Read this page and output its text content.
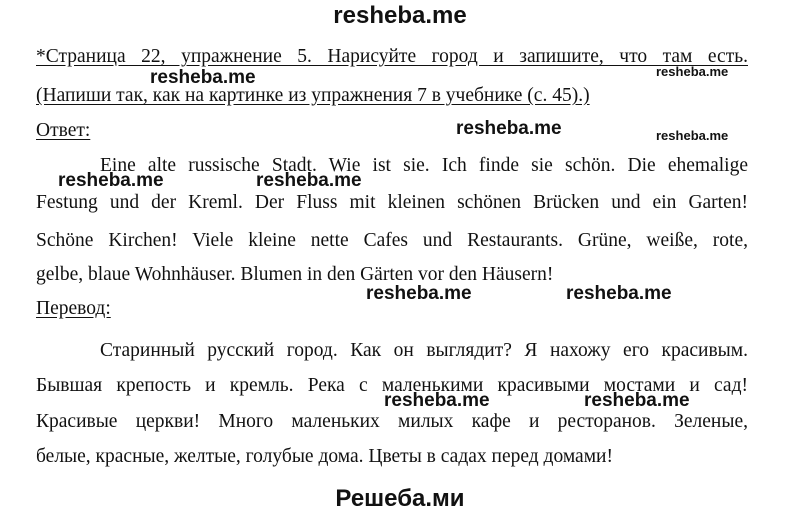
resheba.me
*Страница 22, упражнение 5. Нарисуйте город и запишите, что там есть.
(Напиши так, как на картинке из упражнения 7 в учебнике (с. 45).)
Ответ:
Eine alte russische Stadt. Wie ist sie. Ich finde sie schön. Die ehemalige
Festung und der Kreml. Der Fluss mit kleinen schönen Brücken und ein Garten!
Schöne Kirchen! Viele kleine nette Cafes und Restaurants. Grüne, weiße, rote,
gelbe, blaue Wohnhäuser. Blumen in den Gärten vor den Häusern!
Перевод:
Старинный русский город. Как он выглядит? Я нахожу его красивым.
Бывшая крепость и кремль. Река с маленькими красивыми мостами и сад!
Красивые церкви! Много маленьких милых кафе и ресторанов. Зеленые,
белые, красные, желтые, голубые дома. Цветы в садах перед домами!
resheba.me	resheba.me
resheba.me	resheba.me
resheba.me	resheba.me
resheba.me	resheba.me
resheba.me	resheba.me
Решеба.ми
